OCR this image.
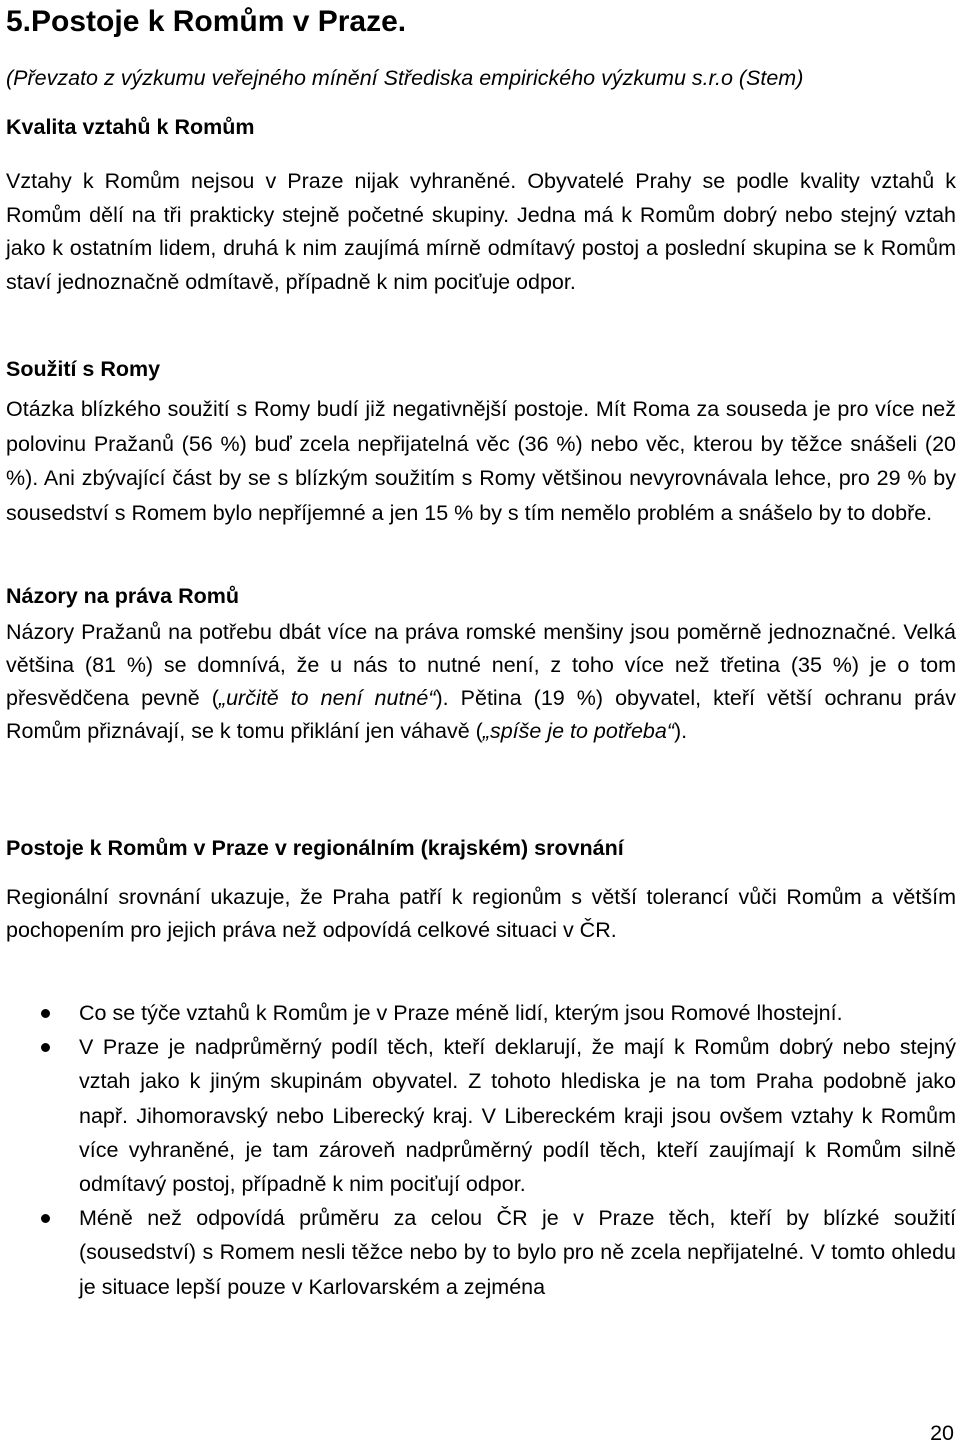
5.Postoje k Romům v Praze.
(Převzato z výzkumu veřejného mínění Střediska empirického výzkumu s.r.o (Stem)
Kvalita vztahů k Romům
Vztahy k Romům nejsou v Praze nijak vyhraněné. Obyvatelé Prahy se podle kvality vztahů k Romům dělí na tři prakticky stejně početné skupiny. Jedna má k Romům dobrý nebo stejný vztah jako k ostatním lidem, druhá k nim zaujímá mírně odmítavý postoj a poslední skupina se k Romům staví jednoznačně odmítavě, případně k nim pociťuje odpor.
Soužití s Romy
Otázka blízkého soužití s Romy budí již negativnější postoje. Mít Roma za souseda je pro více než polovinu Pražanů (56 %) buď zcela nepřijatelná věc (36 %) nebo věc, kterou by těžce snášeli (20 %). Ani zbývající část by se s blízkým soužitím s Romy většinou nevyrovnávala lehce, pro 29 % by sousedství s Romem bylo nepříjemné a jen 15 % by s tím nemělo problém a snášelo by to dobře.
Názory na práva Romů
Názory Pražanů na potřebu dbát více na práva romské menšiny jsou poměrně jednoznačné. Velká většina (81 %) se domnívá, že u nás to nutné není, z toho více než třetina (35 %) je o tom přesvědčena pevně („určitě to není nutné“). Pětina (19 %) obyvatel, kteří větší ochranu práv Romům přiznávají, se k tomu přiklání jen váhavě („spíše je to potřeba“).
Postoje k Romům v Praze v regionálním (krajském) srovnání
Regionální srovnání ukazuje, že Praha patří k regionům s větší tolerancí vůči Romům a větším pochopením pro jejich práva než odpovídá celkové situaci v ČR.
Co se týče vztahů k Romům je v Praze méně lidí, kterým jsou Romové lhostejní.
V Praze je nadprůměrný podíl těch, kteří deklarují, že mají k Romům dobrý nebo stejný vztah jako k jiným skupinám obyvatel. Z tohoto hlediska je na tom Praha podobně jako např. Jihomoravský nebo Liberecký kraj. V Libereckém kraji jsou ovšem vztahy k Romům více vyhraněné, je tam zároveň nadprůměrný podíl těch, kteří zaujímají k Romům silně odmítavý postoj, případně k nim pociťují odpor.
Méně než odpovídá průměru za celou ČR je v Praze těch, kteří by blízké soužití (sousedství) s Romem nesli těžce nebo by to bylo pro ně zcela nepřijatelné. V tomto ohledu je situace lepší pouze v Karlovarském a zejména
20
